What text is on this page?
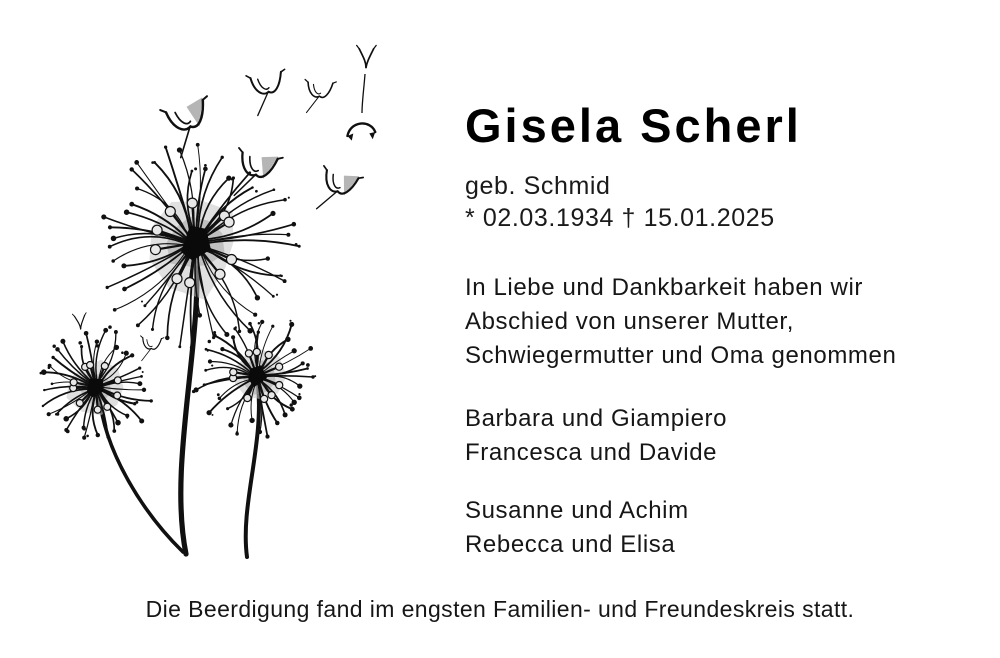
Gisela Scherl
geb. Schmid
* 02.03.1934 † 15.01.2025

In Liebe und Dankbarkeit haben wir
Abschied von unserer Mutter,
Schwiegermutter und Oma genommen

Barbara und Giampiero
Francesca und Davide
Susanne und Achim
Rebecca und Elisa
Die Beerdigung fand im engsten Familien- und Freundeskreis statt.
